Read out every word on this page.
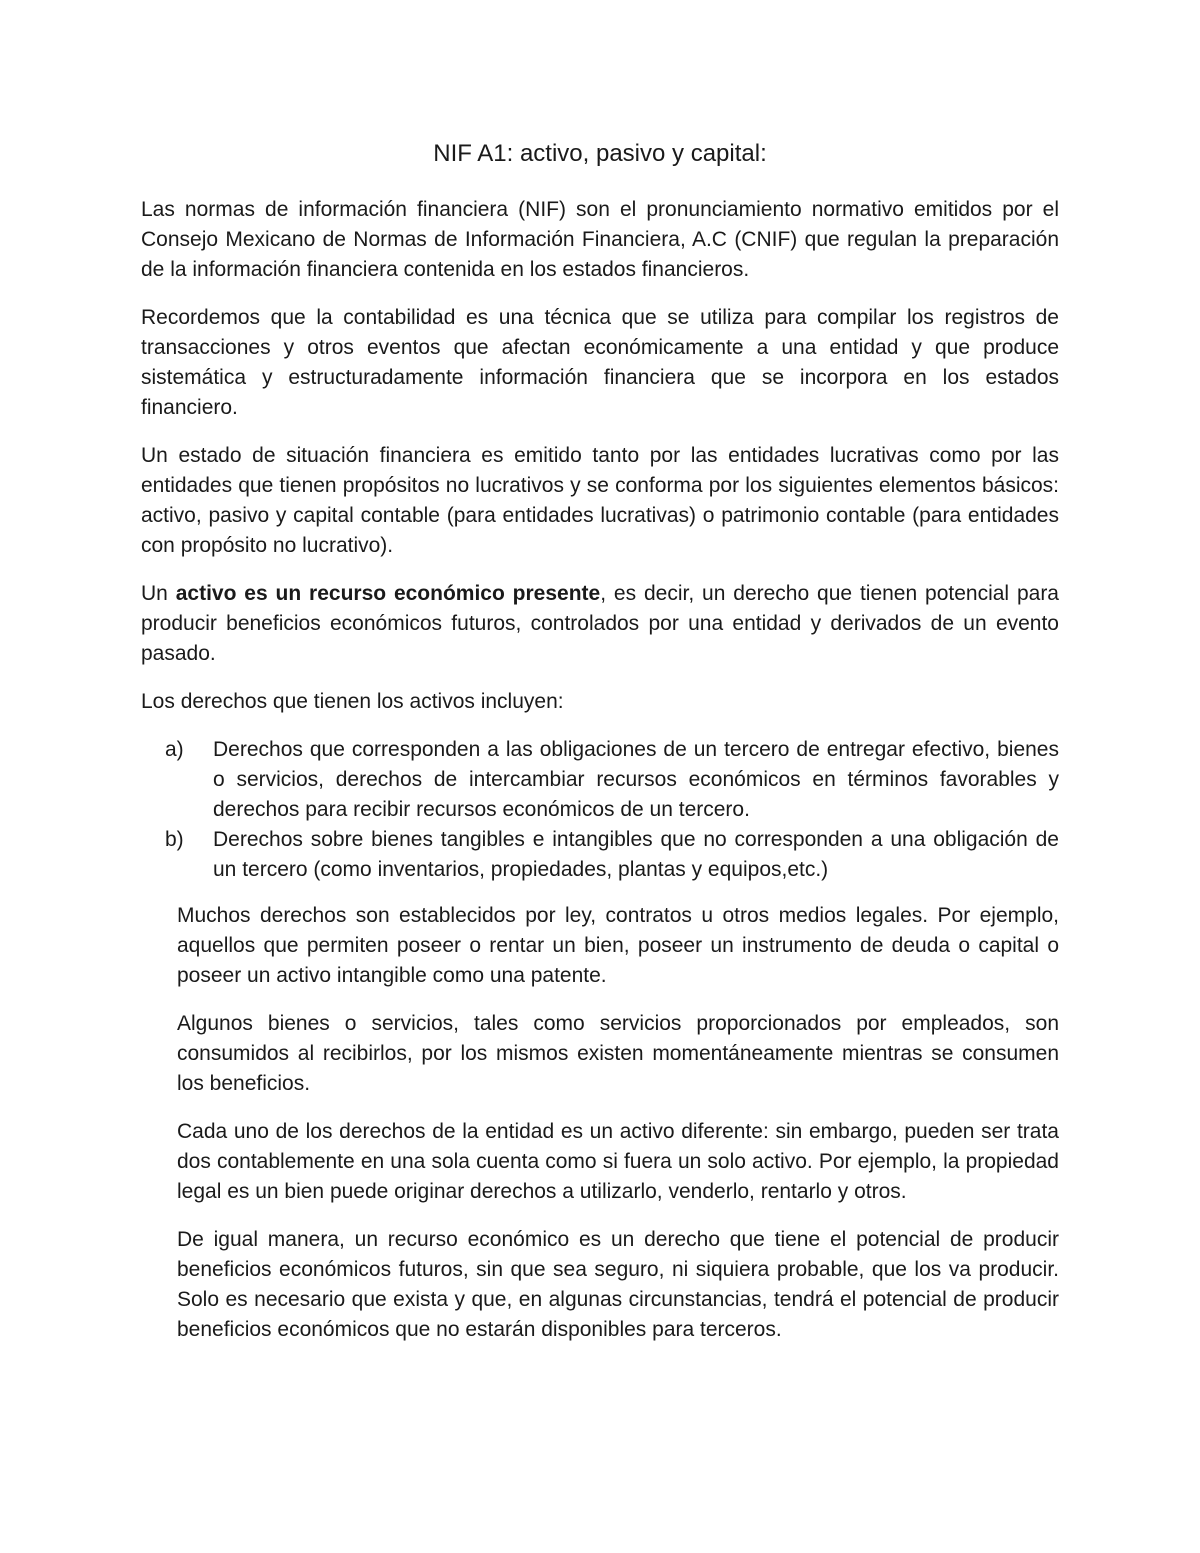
NIF A1: activo, pasivo y capital:

Las normas de información financiera (NIF) son el pronunciamiento normativo emitidos por el Consejo Mexicano de Normas de Información Financiera, A.C (CNIF) que regulan la preparación de la información financiera contenida en los estados financieros.

Recordemos que la contabilidad es una técnica que se utiliza para compilar los registros de transacciones y otros eventos que afectan económicamente a una entidad y que produce sistemática y estructuradamente información financiera que se incorpora en los estados financiero.

Un estado de situación financiera es emitido tanto por las entidades lucrativas como por las entidades que tienen propósitos no lucrativos y se conforma por los siguientes elementos básicos: activo, pasivo y capital contable (para entidades lucrativas) o patrimonio contable (para entidades con propósito no lucrativo).

Un activo es un recurso económico presente, es decir, un derecho que tienen potencial para producir beneficios económicos futuros, controlados por una entidad y derivados de un evento pasado.

Los derechos que tienen los activos incluyen:

a) Derechos que corresponden a las obligaciones de un tercero de entregar efectivo, bienes o servicios, derechos de intercambiar recursos económicos en términos favorables y derechos para recibir recursos económicos de un tercero.
b) Derechos sobre bienes tangibles e intangibles que no corresponden a una obligación de un tercero (como inventarios, propiedades, plantas y equipos,etc.)

Muchos derechos son establecidos por ley, contratos u otros medios legales. Por ejemplo, aquellos que permiten poseer o rentar un bien, poseer un instrumento de deuda o capital o poseer un activo intangible como una patente.

Algunos bienes o servicios, tales como servicios proporcionados por empleados, son consumidos al recibirlos, por los mismos existen momentáneamente mientras se consumen los beneficios.

Cada uno de los derechos de la entidad es un activo diferente: sin embargo, pueden ser trata dos contablemente en una sola cuenta como si fuera un solo activo. Por ejemplo, la propiedad legal es un bien puede originar derechos a utilizarlo, venderlo, rentarlo y otros.

De igual manera, un recurso económico es un derecho que tiene el potencial de producir beneficios económicos futuros, sin que sea seguro, ni siquiera probable, que los va producir. Solo es necesario que exista y que, en algunas circunstancias, tendrá el potencial de producir beneficios económicos que no estarán disponibles para terceros.
